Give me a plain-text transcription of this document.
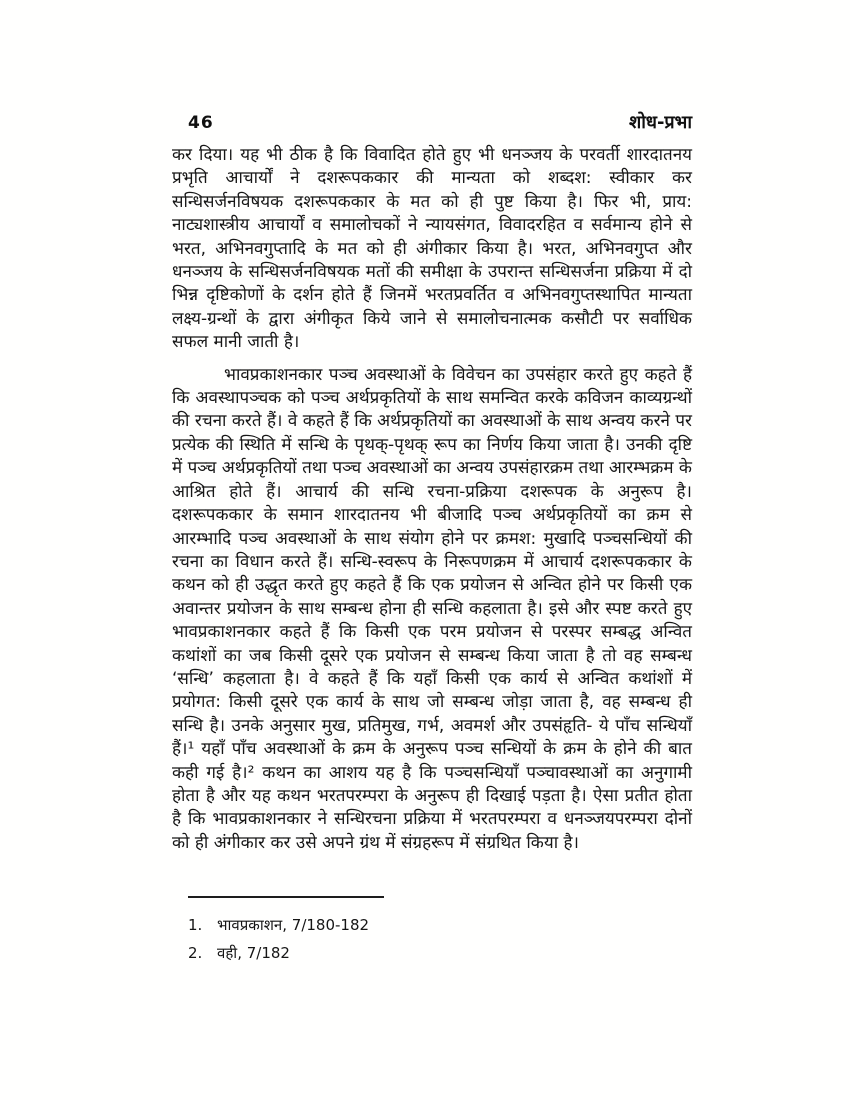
46	शोध-प्रभा

कर दिया। यह भी ठीक है कि विवादित होते हुए भी धनञ्जय के परवर्ती शारदातनय प्रभृति आचार्यों ने दशरूपककार की मान्यता को शब्दश: स्वीकार कर सन्धिसर्जनविषयक दशरूपककार के मत को ही पुष्ट किया है। फिर भी, प्राय: नाट्यशास्त्रीय आचार्यों व समालोचकों ने न्यायसंगत, विवादरहित व सर्वमान्य होने से भरत, अभिनवगुप्तादि के मत को ही अंगीकार किया है। भरत, अभिनवगुप्त और धनञ्जय के सन्धिसर्जनविषयक मतों की समीक्षा के उपरान्त सन्धिसर्जना प्रक्रिया में दो भिन्न दृष्टिकोणों के दर्शन होते हैं जिनमें भरतप्रवर्तित व अभिनवगुप्तस्थापित मान्यता लक्ष्य-ग्रन्थों के द्वारा अंगीकृत किये जाने से समालोचनात्मक कसौटी पर सर्वाधिक सफल मानी जाती है।

भावप्रकाशनकार पञ्च अवस्थाओं के विवेचन का उपसंहार करते हुए कहते हैं कि अवस्थापञ्चक को पञ्च अर्थप्रकृतियों के साथ समन्वित करके कविजन काव्यग्रन्थों की रचना करते हैं। वे कहते हैं कि अर्थप्रकृतियों का अवस्थाओं के साथ अन्वय करने पर प्रत्येक की स्थिति में सन्धि के पृथक्-पृथक् रूप का निर्णय किया जाता है। उनकी दृष्टि में पञ्च अर्थप्रकृतियों तथा पञ्च अवस्थाओं का अन्वय उपसंहारक्रम तथा आरम्भक्रम के आश्रित होते हैं। आचार्य की सन्धि रचना-प्रक्रिया दशरूपक के अनुरूप है। दशरूपककार के समान शारदातनय भी बीजादि पञ्च अर्थप्रकृतियों का क्रम से आरम्भादि पञ्च अवस्थाओं के साथ संयोग होने पर क्रमश: मुखादि पञ्चसन्धियों की रचना का विधान करते हैं। सन्धि-स्वरूप के निरूपणक्रम में आचार्य दशरूपककार के कथन को ही उद्धृत करते हुए कहते हैं कि एक प्रयोजन से अन्वित होने पर किसी एक अवान्तर प्रयोजन के साथ सम्बन्ध होना ही सन्धि कहलाता है। इसे और स्पष्ट करते हुए भावप्रकाशनकार कहते हैं कि किसी एक परम प्रयोजन से परस्पर सम्बद्ध अन्वित कथांशों का जब किसी दूसरे एक प्रयोजन से सम्बन्ध किया जाता है तो वह सम्बन्ध ‘सन्धि’ कहलाता है। वे कहते हैं कि यहाँ किसी एक कार्य से अन्वित कथांशों में प्रयोगत: किसी दूसरे एक कार्य के साथ जो सम्बन्ध जोड़ा जाता है, वह सम्बन्ध ही सन्धि है। उनके अनुसार मुख, प्रतिमुख, गर्भ, अवमर्श और उपसंहृति- ये पाँच सन्धियाँ हैं।¹ यहाँ पाँच अवस्थाओं के क्रम के अनुरूप पञ्च सन्धियों के क्रम के होने की बात कही गई है।² कथन का आशय यह है कि पञ्चसन्धियाँ पञ्चावस्थाओं का अनुगामी होता है और यह कथन भरतपरम्परा के अनुरूप ही दिखाई पड़ता है। ऐसा प्रतीत होता है कि भावप्रकाशनकार ने सन्धिरचना प्रक्रिया में भरतपरम्परा व धनञ्जयपरम्परा दोनों को ही अंगीकार कर उसे अपने ग्रंथ में संग्रहरूप में संग्रथित किया है।

1. भावप्रकाशन, 7/180-182
2. वही, 7/182
